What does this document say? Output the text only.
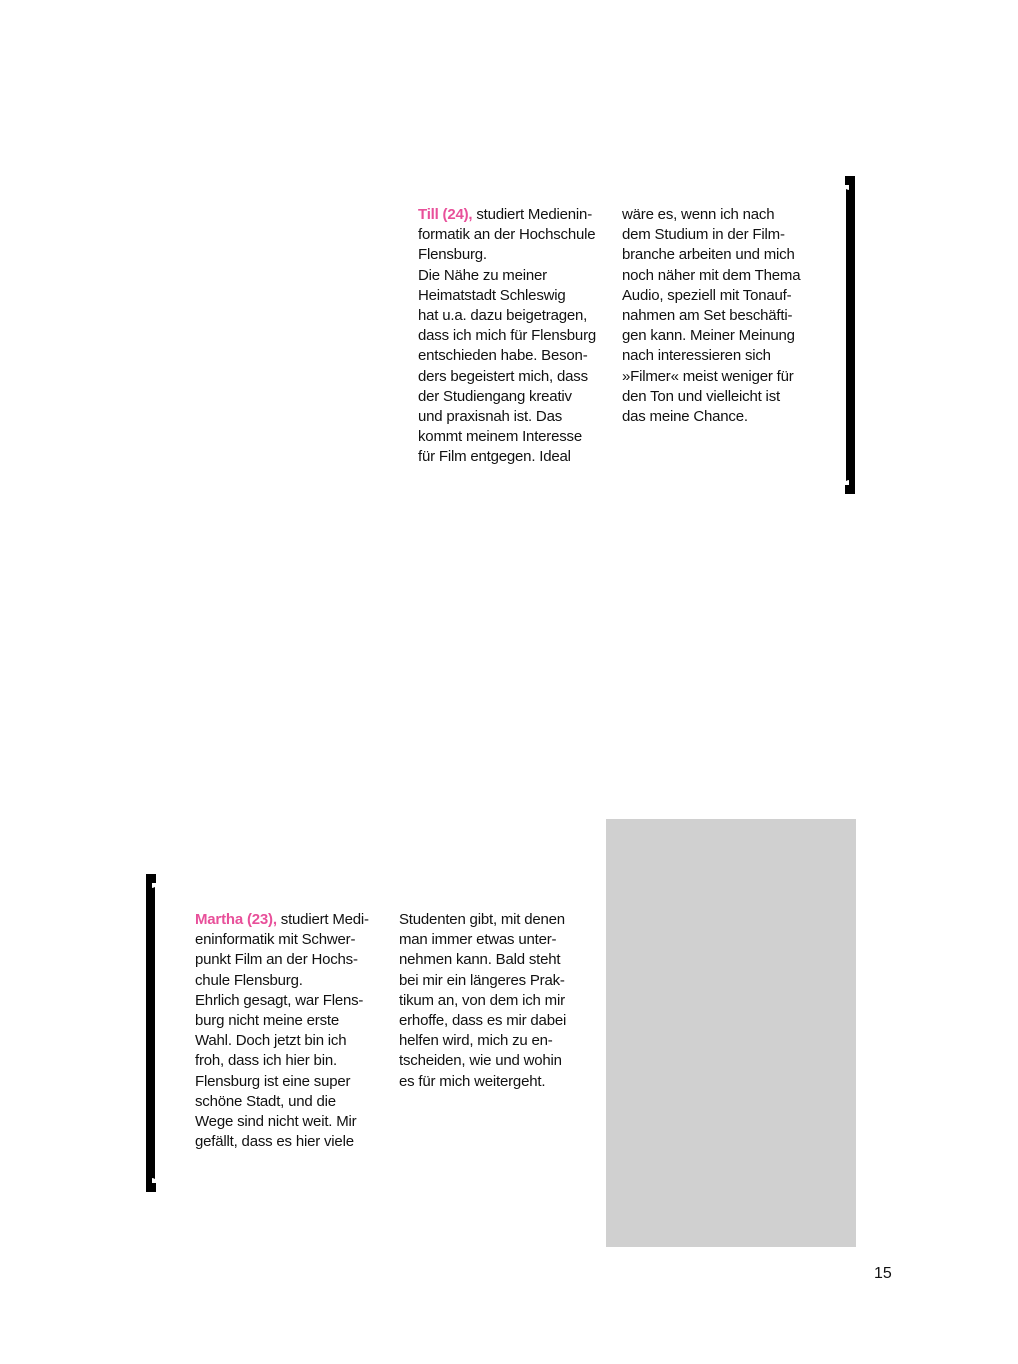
Till (24), studiert Medienin-
formatik an der Hochschule
Flensburg.
Die Nähe zu meiner
Heimatstadt Schleswig
hat u.a. dazu beigetragen,
dass ich mich für Flensburg
entschieden habe. Beson-
ders begeistert mich, dass
der Studiengang kreativ
und praxisnah ist. Das
kommt meinem Interesse
für Film entgegen. Ideal
wäre es, wenn ich nach
dem Studium in der Film-
branche arbeiten und mich
noch näher mit dem Thema
Audio, speziell mit Tonauf-
nahmen am Set beschäfti-
gen kann. Meiner Meinung
nach interessieren sich
»Filmer« meist weniger für
den Ton und vielleicht ist
das meine Chance.
Martha (23), studiert Medi-
eninformatik mit Schwer-
punkt Film an der Hochs-
chule Flensburg.
Ehrlich gesagt, war Flens-
burg nicht meine erste
Wahl. Doch jetzt bin ich
froh, dass ich hier bin.
Flensburg ist eine super
schöne Stadt, und die
Wege sind nicht weit. Mir
gefällt, dass es hier viele
Studenten gibt, mit denen
man immer etwas unter-
nehmen kann. Bald steht
bei mir ein längeres Prak-
tikum an, von dem ich mir
erhoffe, dass es mir dabei
helfen wird, mich zu en-
tscheiden, wie und wohin
es für mich weitergeht.
15
